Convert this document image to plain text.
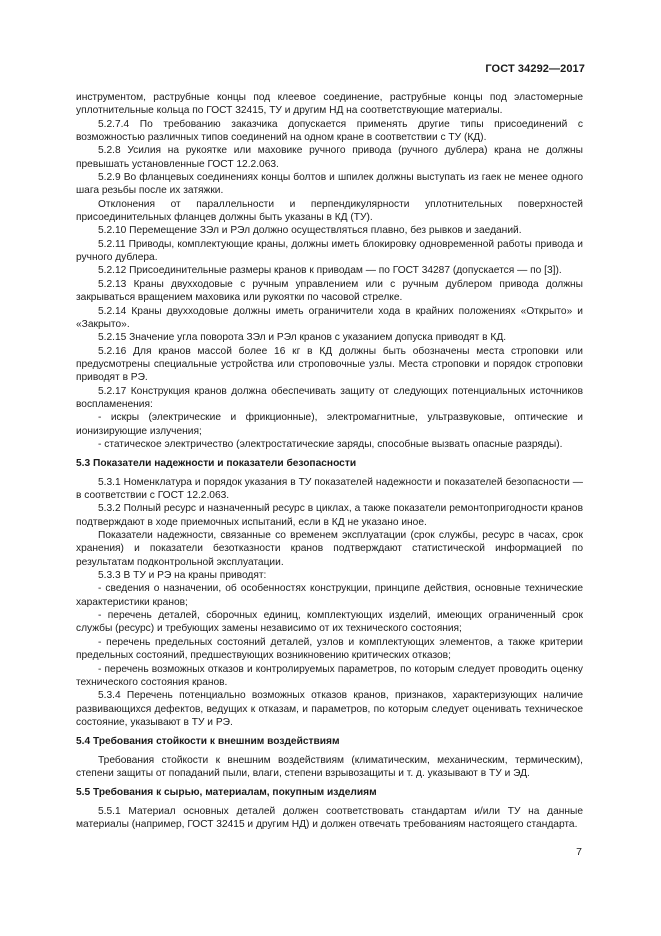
ГОСТ 34292—2017

инструментом, раструбные концы под клеевое соединение, раструбные концы под эластомерные уплотнительные кольца по ГОСТ 32415, ТУ и другим НД на соответствующие материалы.

5.2.7.4 По требованию заказчика допускается применять другие типы присоединений с возможностью различных типов соединений на одном кране в соответствии с ТУ (КД).

5.2.8 Усилия на рукоятке или маховике ручного привода (ручного дублера) крана не должны превышать установленные ГОСТ 12.2.063.

5.2.9 Во фланцевых соединениях концы болтов и шпилек должны выступать из гаек не менее одного шага резьбы после их затяжки.

Отклонения от параллельности и перпендикулярности уплотнительных поверхностей присоединительных фланцев должны быть указаны в КД (ТУ).

5.2.10 Перемещение ЗЭл и РЭл должно осуществляться плавно, без рывков и заеданий.

5.2.11 Приводы, комплектующие краны, должны иметь блокировку одновременной работы привода и ручного дублера.

5.2.12 Присоединительные размеры кранов к приводам — по ГОСТ 34287 (допускается — по [3]).

5.2.13 Краны двухходовые с ручным управлением или с ручным дублером привода должны закрываться вращением маховика или рукоятки по часовой стрелке.

5.2.14 Краны двухходовые должны иметь ограничители хода в крайних положениях «Открыто» и «Закрыто».

5.2.15 Значение угла поворота ЗЭл и РЭл кранов с указанием допуска приводят в КД.

5.2.16 Для кранов массой более 16 кг в КД должны быть обозначены места строповки или предусмотрены специальные устройства или строповочные узлы. Места строповки и порядок строповки приводят в РЭ.

5.2.17 Конструкция кранов должна обеспечивать защиту от следующих потенциальных источников воспламенения:

- искры (электрические и фрикционные), электромагнитные, ультразвуковые, оптические и ионизирующие излучения;

- статическое электричество (электростатические заряды, способные вызвать опасные разряды).

5.3 Показатели надежности и показатели безопасности

5.3.1 Номенклатура и порядок указания в ТУ показателей надежности и показателей безопасности — в соответствии с ГОСТ 12.2.063.

5.3.2 Полный ресурс и назначенный ресурс в циклах, а также показатели ремонтопригодности кранов подтверждают в ходе приемочных испытаний, если в КД не указано иное.

Показатели надежности, связанные со временем эксплуатации (срок службы, ресурс в часах, срок хранения) и показатели безотказности кранов подтверждают статистической информацией по результатам подконтрольной эксплуатации.

5.3.3 В ТУ и РЭ на краны приводят:

- сведения о назначении, об особенностях конструкции, принципе действия, основные технические характеристики кранов;

- перечень деталей, сборочных единиц, комплектующих изделий, имеющих ограниченный срок службы (ресурс) и требующих замены независимо от их технического состояния;

- перечень предельных состояний деталей, узлов и комплектующих элементов, а также критерии предельных состояний, предшествующих возникновению критических отказов;

- перечень возможных отказов и контролируемых параметров, по которым следует проводить оценку технического состояния кранов.

5.3.4 Перечень потенциально возможных отказов кранов, признаков, характеризующих наличие развивающихся дефектов, ведущих к отказам, и параметров, по которым следует оценивать техническое состояние, указывают в ТУ и РЭ.

5.4 Требования стойкости к внешним воздействиям

Требования стойкости к внешним воздействиям (климатическим, механическим, термическим), степени защиты от попаданий пыли, влаги, степени взрывозащиты и т. д. указывают в ТУ и ЭД.

5.5 Требования к сырью, материалам, покупным изделиям

5.5.1 Материал основных деталей должен соответствовать стандартам и/или ТУ на данные материалы (например, ГОСТ 32415 и другим НД) и должен отвечать требованиям настоящего стандарта.

7
